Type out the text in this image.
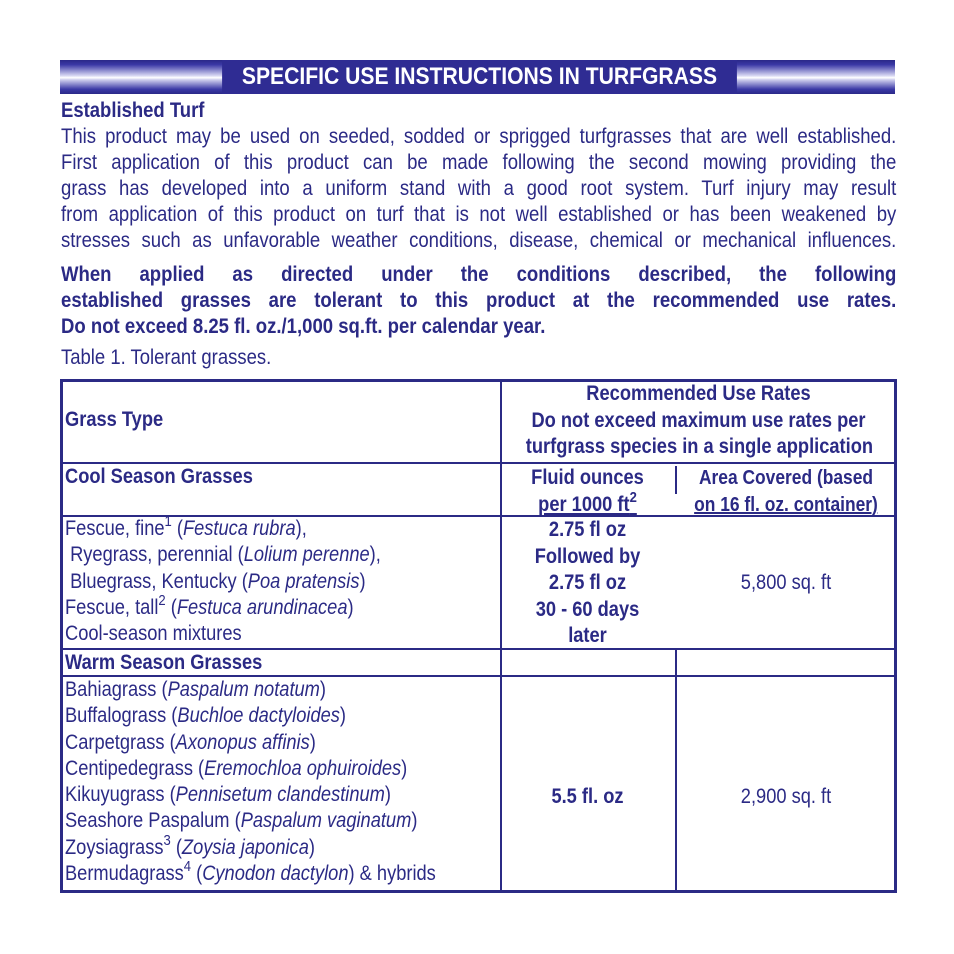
SPECIFIC USE INSTRUCTIONS IN TURFGRASS
Established Turf
This product may be used on seeded, sodded or sprigged turfgrasses that are well established.
First application of this product can be made following the second mowing providing the
grass has developed into a uniform stand with a good root system. Turf injury may result
from application of this product on turf that is not well established or has been weakened by
stresses such as unfavorable weather conditions, disease, chemical or mechanical influences.
When applied as directed under the conditions described, the following
established grasses are tolerant to this product at the recommended use rates.
Do not exceed 8.25 fl. oz./1,000 sq.ft. per calendar year.
Table 1. Tolerant grasses.
Grass Type
Recommended Use Rates
Do not exceed maximum use rates per
turfgrass species in a single application
Cool Season Grasses	Fluid ounces
per 1000 $ft^2$
Area Covered (based
on 16 fl. oz. container)
Fescue, fine$^1$ (Festuca rubra),
Ryegrass, perennial (Lolium perenne),
Bluegrass, Kentucky (Poa pratensis)
Fescue, tall$^2$ (Festuca arundinacea)
Cool-season mixtures
2.75 fl oz
Followed by
2.75 fl oz
30 - 60 days
later
5,800 sq. ft
Warm Season Grasses
Bahiagrass (Paspalum notatum)
Buffalograss (Buchloe dactyloides)
Carpetgrass (Axonopus affinis)
Centipedegrass (Eremochloa ophuiroides)
Kikuyugrass (Pennisetum clandestinum)
Seashore Paspalum (Paspalum vaginatum)
Zoysiagrass$^3$ (Zoysia japonica)
Bermudagrass$^4$ (Cynodon dactylon) & hybrids
5.5 fl. oz	2,900 sq. ft
